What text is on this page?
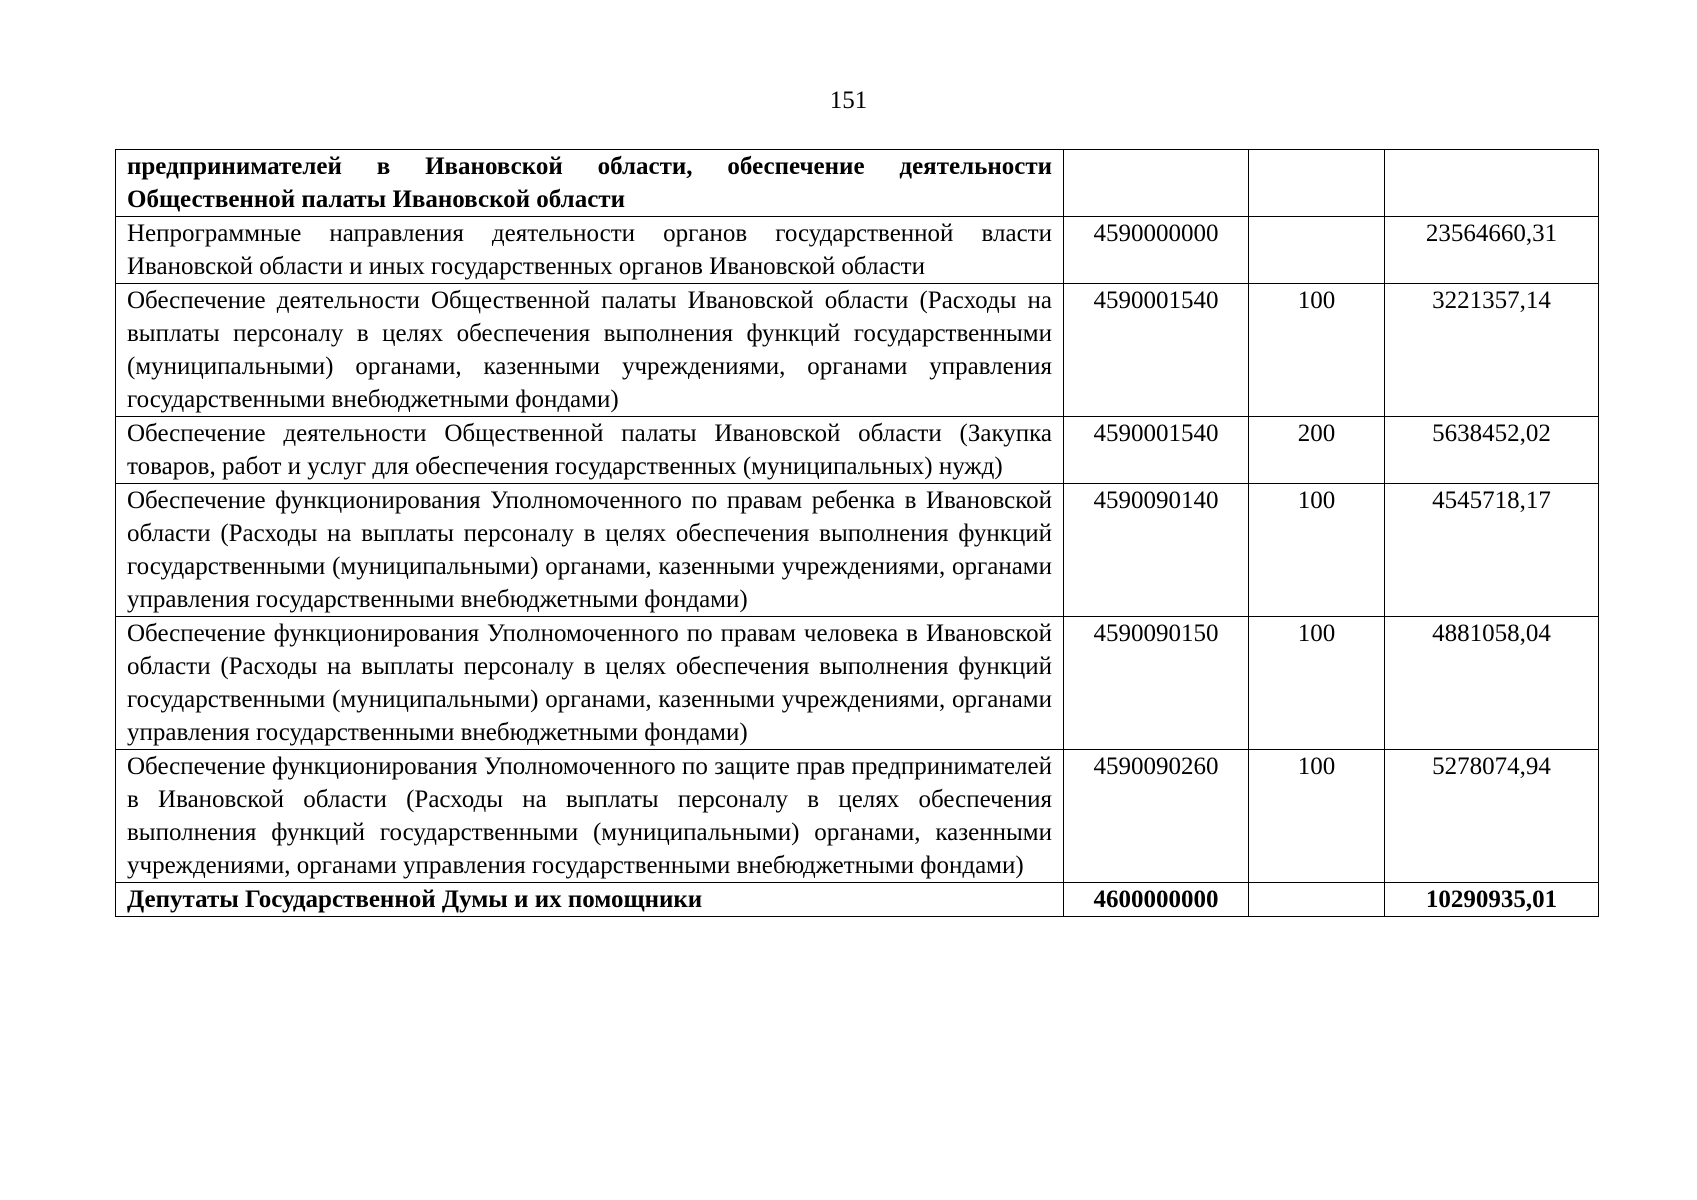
151
предпринимателей в Ивановской области, обеспечение деятельности Общественной палаты Ивановской области			
Непрограммные направления деятельности органов государственной власти Ивановской области и иных государственных органов Ивановской области	4590000000		23564660,31
Обеспечение деятельности Общественной палаты Ивановской области (Расходы на выплаты персоналу в целях обеспечения выполнения функций государственными (муниципальными) органами, казенными учреждениями, органами управления государственными внебюджетными фондами)	4590001540	100	3221357,14
Обеспечение деятельности Общественной палаты Ивановской области (Закупка товаров, работ и услуг для обеспечения государственных (муниципальных) нужд)	4590001540	200	5638452,02
Обеспечение функционирования Уполномоченного по правам ребенка в Ивановской области (Расходы на выплаты персоналу в целях обеспечения выполнения функций государственными (муниципальными) органами, казенными учреждениями, органами управления государственными внебюджетными фондами)	4590090140	100	4545718,17
Обеспечение функционирования Уполномоченного по правам человека в Ивановской области (Расходы на выплаты персоналу в целях обеспечения выполнения функций государственными (муниципальными) органами, казенными учреждениями, органами управления государственными внебюджетными фондами)	4590090150	100	4881058,04
Обеспечение функционирования Уполномоченного по защите прав предпринимателей в Ивановской области (Расходы на выплаты персоналу в целях обеспечения выполнения функций государственными (муниципальными) органами, казенными учреждениями, органами управления государственными внебюджетными фондами)	4590090260	100	5278074,94
Депутаты Государственной Думы и их помощники	4600000000		10290935,01
